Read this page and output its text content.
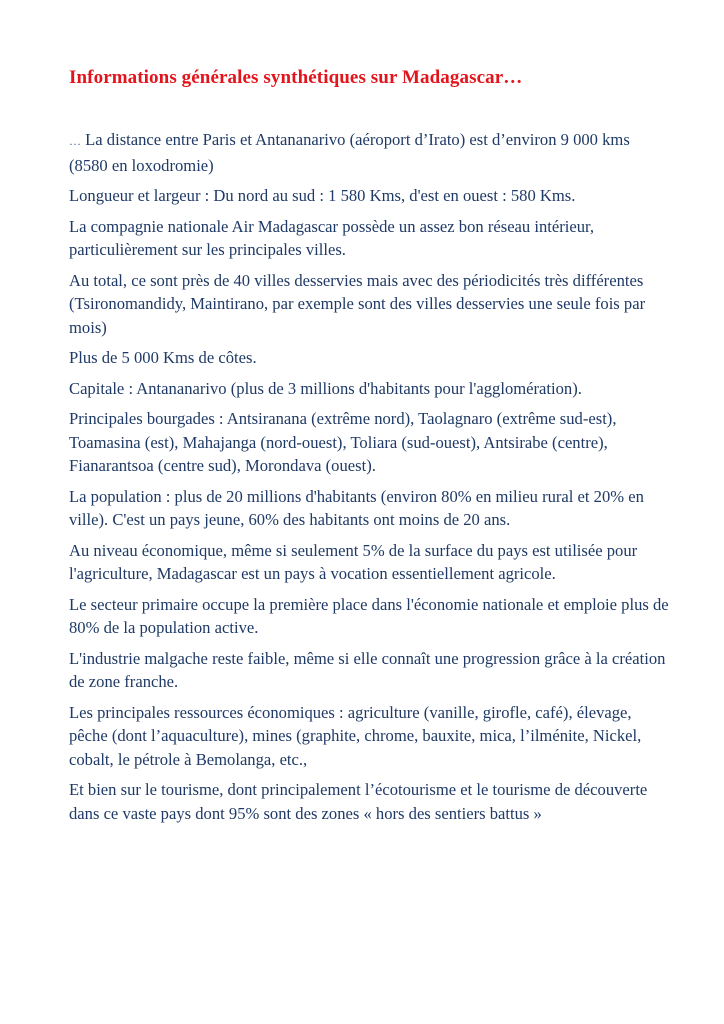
Informations générales synthétiques sur Madagascar…

… La distance entre Paris et Antananarivo (aéroport d’Irato) est d’environ 9 000 kms (8580 en loxodromie)

Longueur et largeur : Du nord au sud : 1 580 Kms, d'est en ouest : 580 Kms.

La compagnie nationale Air Madagascar possède un assez bon réseau intérieur, particulièrement sur les principales villes.

Au total, ce sont près de 40 villes desservies mais avec des périodicités très différentes (Tsironomandidy, Maintirano, par exemple sont des villes desservies une seule fois par mois)

Plus de 5 000 Kms de côtes.

Capitale : Antananarivo (plus de 3 millions d'habitants pour l'agglomération).

Principales bourgades : Antsiranana (extrême nord), Taolagnaro (extrême sud-est), Toamasina (est), Mahajanga (nord-ouest), Toliara (sud-ouest), Antsirabe (centre), Fianarantsoa (centre sud), Morondava (ouest).

La population : plus de 20 millions d'habitants (environ 80% en milieu rural et 20% en ville). C'est un pays jeune, 60% des habitants ont moins de 20 ans.

Au niveau économique, même si seulement 5% de la surface du pays est utilisée pour l'agriculture, Madagascar est un pays à vocation essentiellement agricole.

Le secteur primaire occupe la première place dans l'économie nationale et emploie plus de 80% de la population active.

L'industrie malgache reste faible, même si elle connaît une progression grâce à la création de zone franche.

Les principales ressources économiques : agriculture (vanille, girofle, café), élevage, pêche (dont l’aquaculture), mines (graphite, chrome, bauxite, mica, l’ilménite, Nickel, cobalt, le pétrole à Bemolanga, etc.,

Et bien sur le tourisme, dont principalement l’écotourisme et le tourisme de découverte dans ce vaste pays dont 95% sont des zones « hors des sentiers battus »
